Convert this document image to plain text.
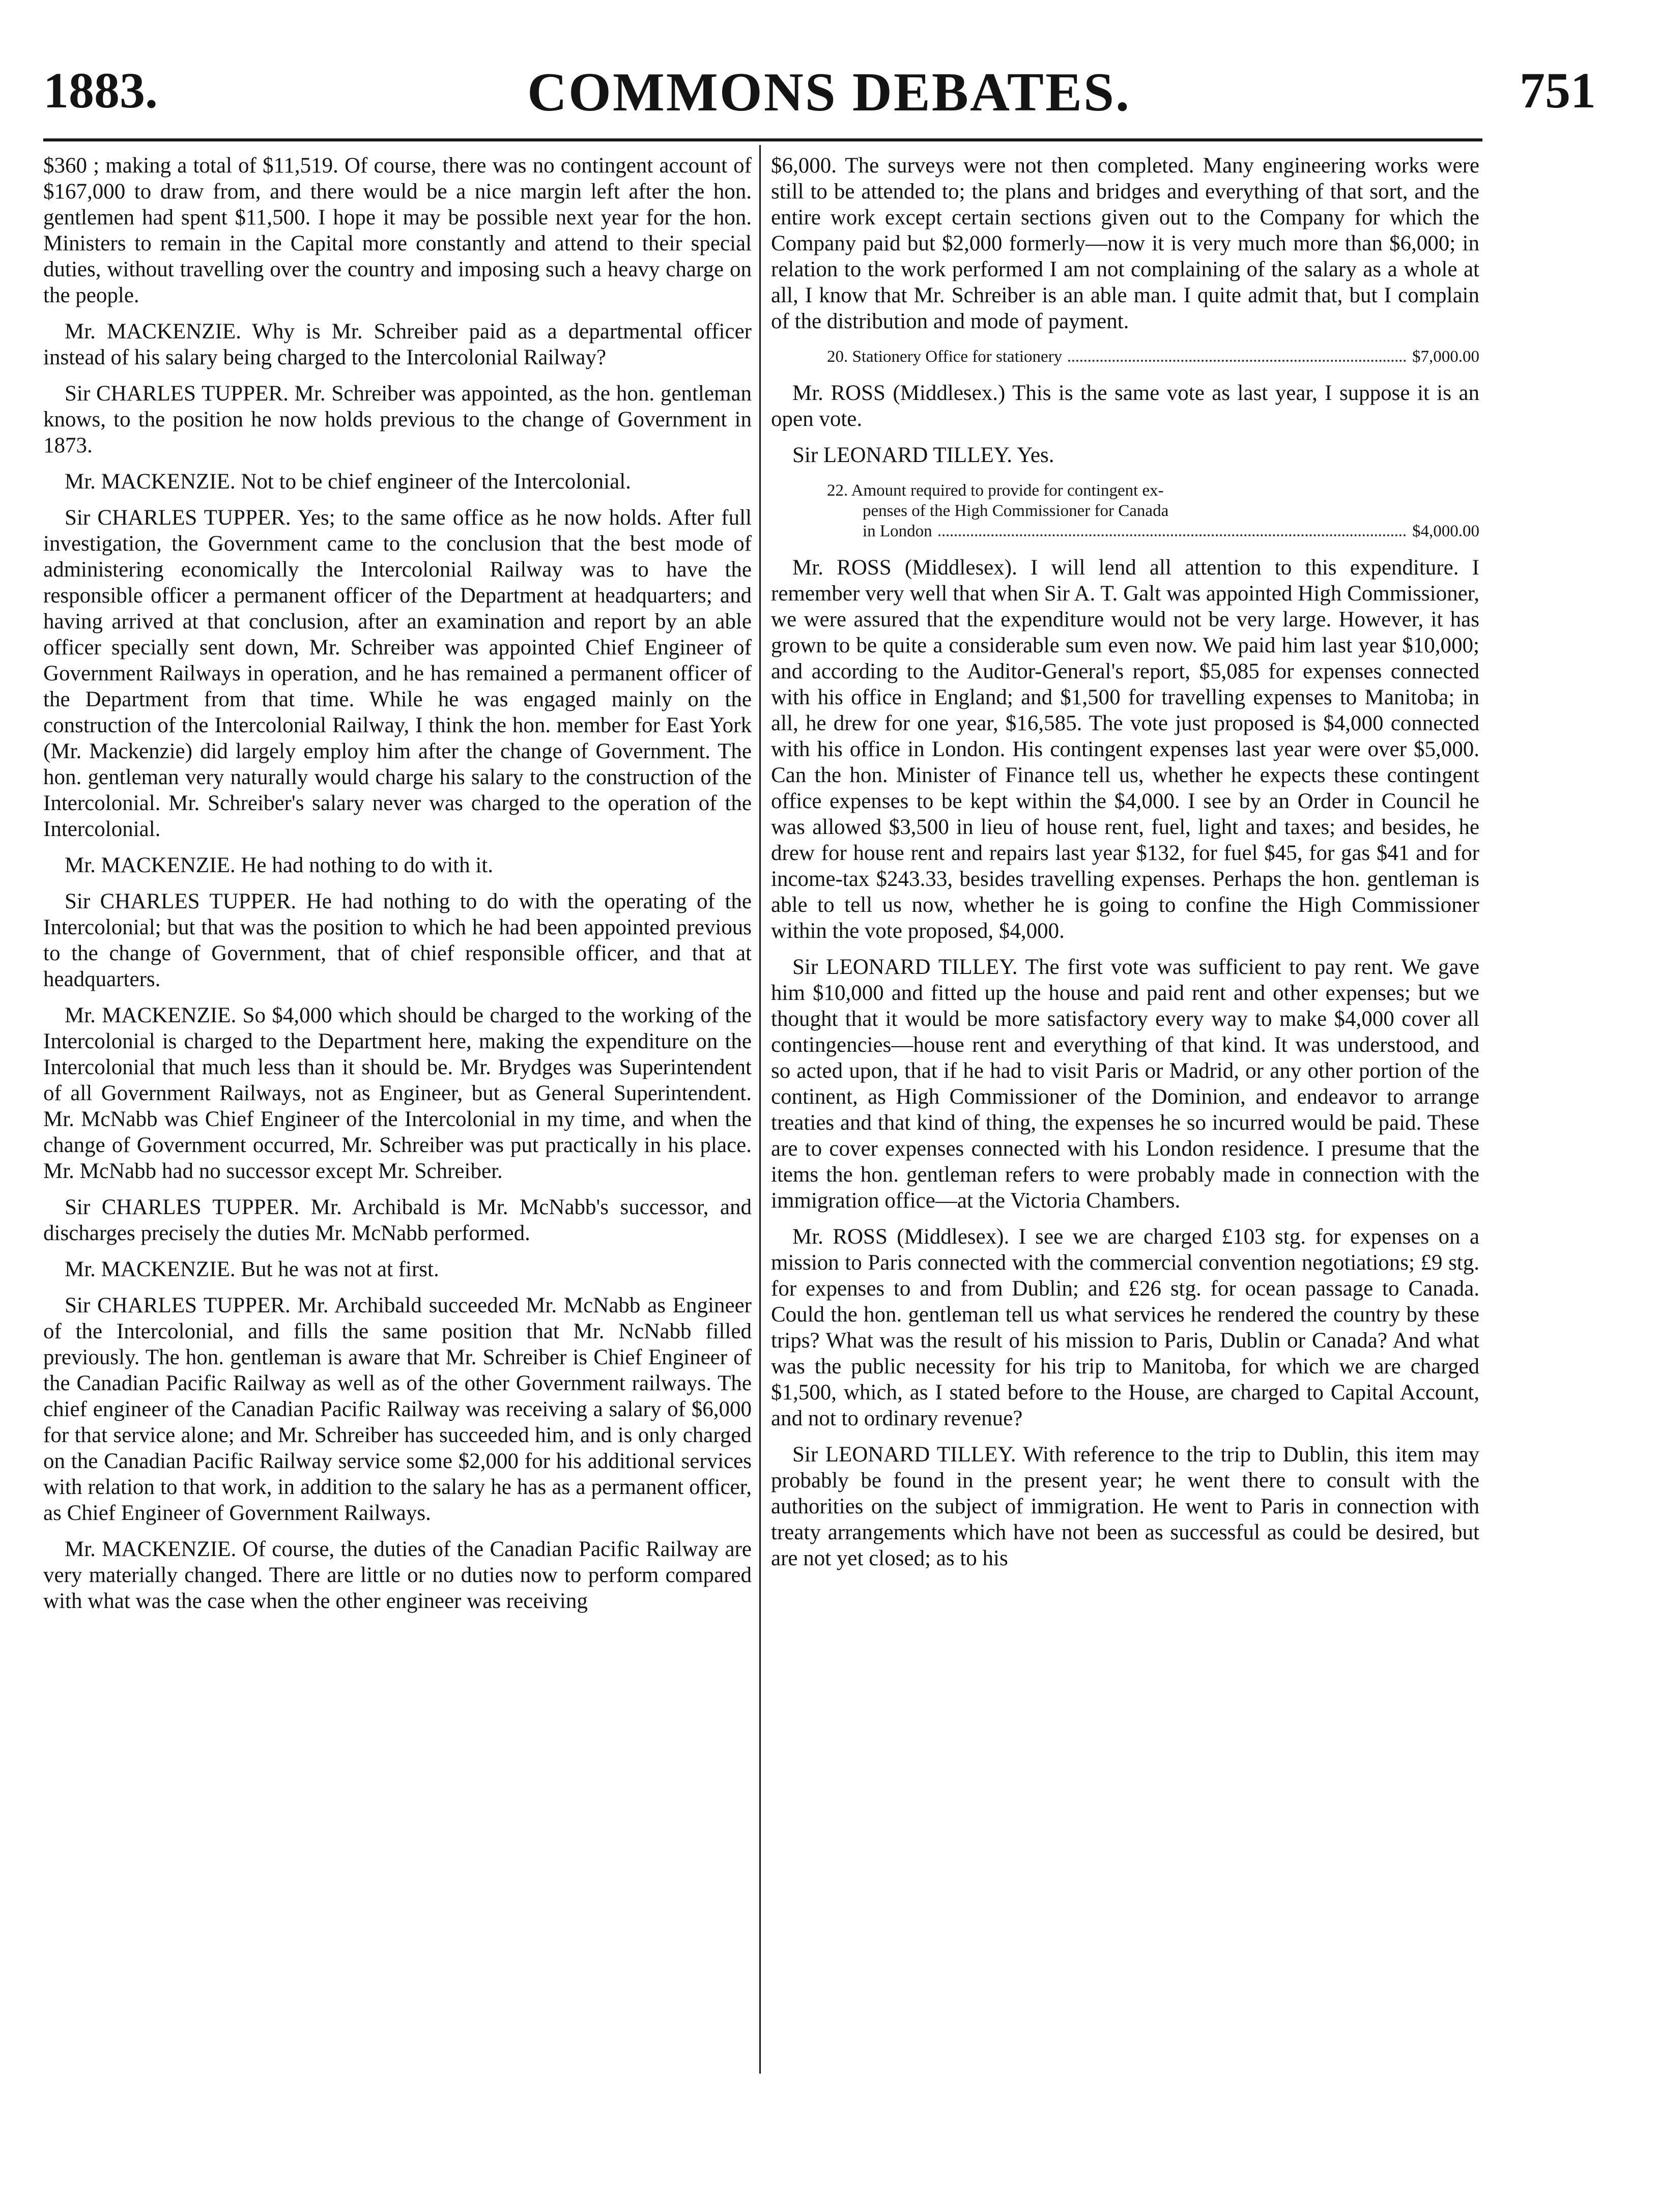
1883.	COMMONS DEBATES.	751

$360 ; making a total of $11,519. Of course, there was no contingent account of $167,000 to draw from, and there would be a nice margin left after the hon. gentlemen had spent $11,500. I hope it may be possible next year for the hon. Ministers to remain in the Capital more constantly and attend to their special duties, without travelling over the country and imposing such a heavy charge on the people.

Mr. MACKENZIE. Why is Mr. Schreiber paid as a departmental officer instead of his salary being charged to the Intercolonial Railway?

Sir CHARLES TUPPER. Mr. Schreiber was appointed, as the hon. gentleman knows, to the position he now holds previous to the change of Government in 1873.

Mr. MACKENZIE. Not to be chief engineer of the Intercolonial.

Sir CHARLES TUPPER. Yes; to the same office as he now holds. After full investigation, the Government came to the conclusion that the best mode of administering economically the Intercolonial Railway was to have the responsible officer a permanent officer of the Department at headquarters; and having arrived at that conclusion, after an examination and report by an able officer specially sent down, Mr. Schreiber was appointed Chief Engineer of Government Railways in operation, and he has remained a permanent officer of the Department from that time. While he was engaged mainly on the construction of the Intercolonial Railway, I think the hon. member for East York (Mr. Mackenzie) did largely employ him after the change of Government. The hon. gentleman very naturally would charge his salary to the construction of the Intercolonial. Mr. Schreiber's salary never was charged to the operation of the Intercolonial.

Mr. MACKENZIE. He had nothing to do with it.

Sir CHARLES TUPPER. He had nothing to do with the operating of the Intercolonial; but that was the position to which he had been appointed previous to the change of Government, that of chief responsible officer, and that at headquarters.

Mr. MACKENZIE. So $4,000 which should be charged to the working of the Intercolonial is charged to the Department here, making the expenditure on the Intercolonial that much less than it should be. Mr. Brydges was Superintendent of all Government Railways, not as Engineer, but as General Superintendent. Mr. McNabb was Chief Engineer of the Intercolonial in my time, and when the change of Government occurred, Mr. Schreiber was put practically in his place. Mr. McNabb had no successor except Mr. Schreiber.

Sir CHARLES TUPPER. Mr. Archibald is Mr. McNabb's successor, and discharges precisely the duties Mr. McNabb performed.

Mr. MACKENZIE. But he was not at first.

Sir CHARLES TUPPER. Mr. Archibald succeeded Mr. McNabb as Engineer of the Intercolonial, and fills the same position that Mr. NcNabb filled previously. The hon. gentleman is aware that Mr. Schreiber is Chief Engineer of the Canadian Pacific Railway as well as of the other Government railways. The chief engineer of the Canadian Pacific Railway was receiving a salary of $6,000 for that service alone; and Mr. Schreiber has succeeded him, and is only charged on the Canadian Pacific Railway service some $2,000 for his additional services with relation to that work, in addition to the salary he has as a permanent officer, as Chief Engineer of Government Railways.

Mr. MACKENZIE. Of course, the duties of the Canadian Pacific Railway are very materially changed. There are little or no duties now to perform compared with what was the case when the other engineer was receiving

$6,000. The surveys were not then completed. Many engineering works were still to be attended to; the plans and bridges and everything of that sort, and the entire work except certain sections given out to the Company for which the Company paid but $2,000 formerly—now it is very much more than $6,000; in relation to the work performed I am not complaining of the salary as a whole at all, I know that Mr. Schreiber is an able man. I quite admit that, but I complain of the distribution and mode of payment.

20. Stationery Office for stationery	$7,000.00

Mr. ROSS (Middlesex.) This is the same vote as last year, I suppose it is an open vote.

Sir LEONARD TILLEY. Yes.

22. Amount required to provide for contingent ex-
penses of the High Commissioner for Canada
in London	$4,000.00

Mr. ROSS (Middlesex). I will lend all attention to this expenditure. I remember very well that when Sir A. T. Galt was appointed High Commissioner, we were assured that the expenditure would not be very large. However, it has grown to be quite a considerable sum even now. We paid him last year $10,000; and according to the Auditor-General's report, $5,085 for expenses connected with his office in England; and $1,500 for travelling expenses to Manitoba; in all, he drew for one year, $16,585. The vote just proposed is $4,000 connected with his office in London. His contingent expenses last year were over $5,000. Can the hon. Minister of Finance tell us, whether he expects these contingent office expenses to be kept within the $4,000. I see by an Order in Council he was allowed $3,500 in lieu of house rent, fuel, light and taxes; and besides, he drew for house rent and repairs last year $132, for fuel $45, for gas $41 and for income-tax $243.33, besides travelling expenses. Perhaps the hon. gentleman is able to tell us now, whether he is going to confine the High Commissioner within the vote proposed, $4,000.

Sir LEONARD TILLEY. The first vote was sufficient to pay rent. We gave him $10,000 and fitted up the house and paid rent and other expenses; but we thought that it would be more satisfactory every way to make $4,000 cover all contingencies—house rent and everything of that kind. It was understood, and so acted upon, that if he had to visit Paris or Madrid, or any other portion of the continent, as High Commissioner of the Dominion, and endeavor to arrange treaties and that kind of thing, the expenses he so incurred would be paid. These are to cover expenses connected with his London residence. I presume that the items the hon. gentleman refers to were probably made in connection with the immigration office—at the Victoria Chambers.

Mr. ROSS (Middlesex). I see we are charged £103 stg. for expenses on a mission to Paris connected with the commercial convention negotiations; £9 stg. for expenses to and from Dublin; and £26 stg. for ocean passage to Canada. Could the hon. gentleman tell us what services he rendered the country by these trips? What was the result of his mission to Paris, Dublin or Canada? And what was the public necessity for his trip to Manitoba, for which we are charged $1,500, which, as I stated before to the House, are charged to Capital Account, and not to ordinary revenue?

Sir LEONARD TILLEY. With reference to the trip to Dublin, this item may probably be found in the present year; he went there to consult with the authorities on the subject of immigration. He went to Paris in connection with treaty arrangements which have not been as successful as could be desired, but are not yet closed; as to his
